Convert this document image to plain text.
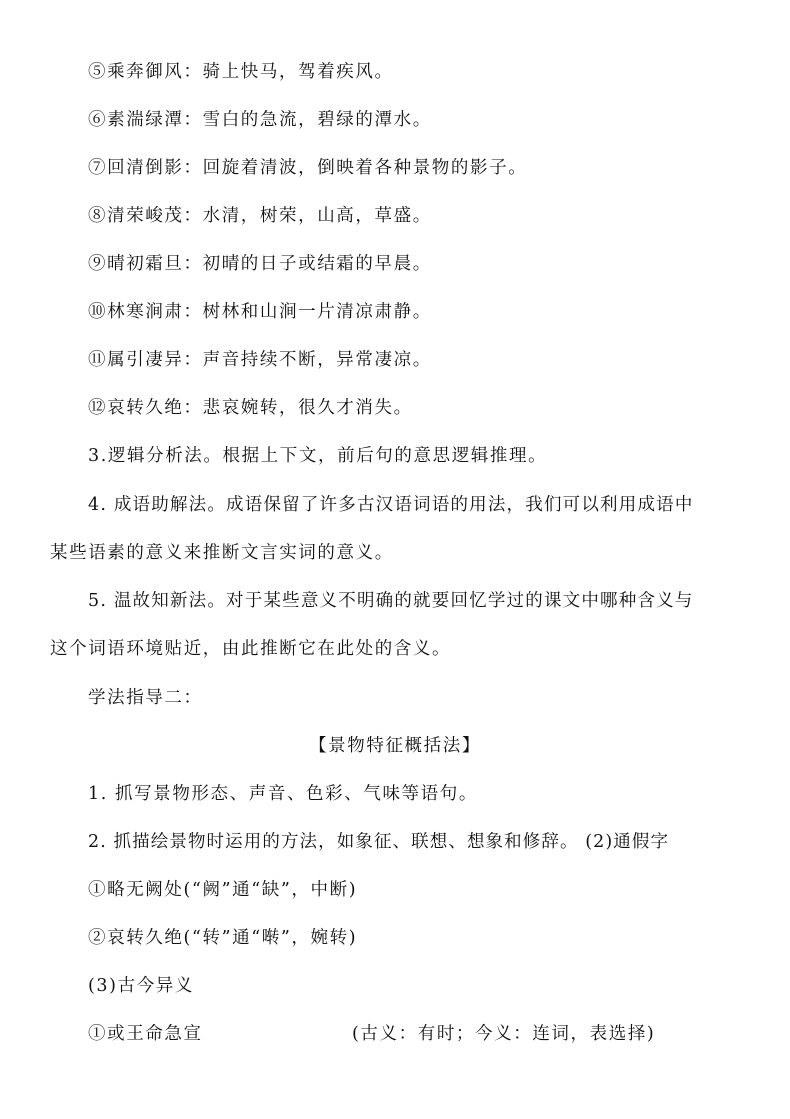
⑤乘奔御风：骑上快马，驾着疾风。
⑥素湍绿潭：雪白的急流，碧绿的潭水。
⑦回清倒影：回旋着清波，倒映着各种景物的影子。
⑧清荣峻茂：水清，树荣，山高，草盛。
⑨晴初霜旦：初晴的日子或结霜的早晨。
⑩林寒涧肃：树林和山涧一片清凉肃静。
⑪属引凄异：声音持续不断，异常凄凉。
⑫哀转久绝：悲哀婉转，很久才消失。
3.逻辑分析法。根据上下文，前后句的意思逻辑推理。
4. 成语助解法。成语保留了许多古汉语词语的用法，我们可以利用成语中
某些语素的意义来推断文言实词的意义。
5. 温故知新法。对于某些意义不明确的就要回忆学过的课文中哪种含义与
这个词语环境贴近，由此推断它在此处的含义。
学法指导二：
【景物特征概括法】
1. 抓写景物形态、声音、色彩、气味等语句。
2. 抓描绘景物时运用的方法，如象征、联想、想象和修辞。 (2)通假字
①略无阙处(“阙”通“缺”，中断)
②哀转久绝(“转”通“啭”，婉转)
(3)古今异义
①或王命急宣	(古义：有时；今义：连词，表选择)
